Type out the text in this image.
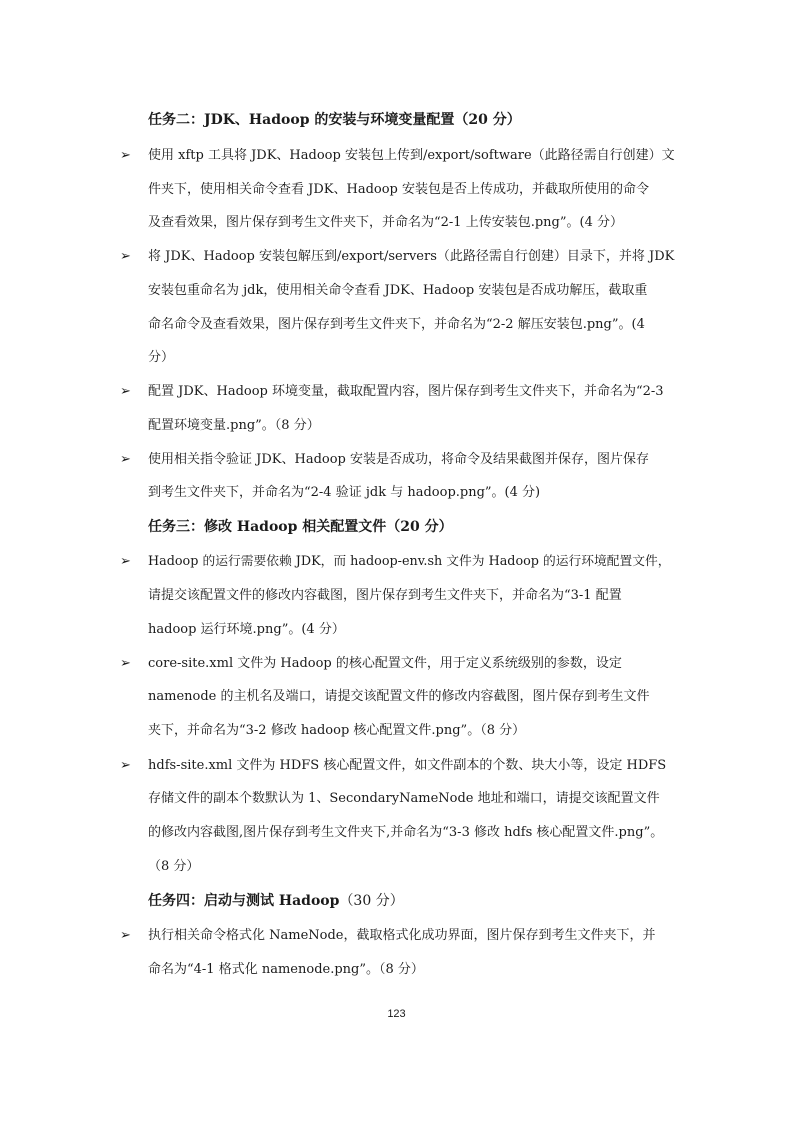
任务二：JDK、Hadoop 的安装与环境变量配置（20 分）
➢ 使用 xftp 工具将 JDK、Hadoop 安装包上传到/export/software（此路径需自行创建）文
件夹下，使用相关命令查看 JDK、Hadoop 安装包是否上传成功，并截取所使用的命令
及查看效果，图片保存到考生文件夹下，并命名为“2-1 上传安装包.png”。(4 分）
➢ 将 JDK、Hadoop 安装包解压到/export/servers（此路径需自行创建）目录下，并将 JDK
安装包重命名为 jdk，使用相关命令查看 JDK、Hadoop 安装包是否成功解压，截取重
命名命令及查看效果，图片保存到考生文件夹下，并命名为“2-2 解压安装包.png”。(4
分）
➢ 配置 JDK、Hadoop 环境变量，截取配置内容，图片保存到考生文件夹下，并命名为“2-3
配置环境变量.png”。（8 分）
➢ 使用相关指令验证 JDK、Hadoop 安装是否成功，将命令及结果截图并保存，图片保存
到考生文件夹下，并命名为“2-4 验证 jdk 与 hadoop.png”。(4 分)
任务三：修改 Hadoop 相关配置文件（20 分）
➢ Hadoop 的运行需要依赖 JDK，而 hadoop-env.sh 文件为 Hadoop 的运行环境配置文件，
请提交该配置文件的修改内容截图，图片保存到考生文件夹下，并命名为“3-1 配置
hadoop 运行环境.png”。(4 分）
➢ core-site.xml 文件为 Hadoop 的核心配置文件，用于定义系统级别的参数，设定
namenode 的主机名及端口，请提交该配置文件的修改内容截图，图片保存到考生文件
夹下，并命名为“3-2 修改 hadoop 核心配置文件.png”。（8 分）
➢ hdfs-site.xml 文件为 HDFS 核心配置文件，如文件副本的个数、块大小等，设定 HDFS
存储文件的副本个数默认为 1、SecondaryNameNode 地址和端口，请提交该配置文件
的修改内容截图,图片保存到考生文件夹下,并命名为“3-3 修改 hdfs 核心配置文件.png”。
（8 分）
任务四：启动与测试 Hadoop（30 分）
➢ 执行相关命令格式化 NameNode，截取格式化成功界面，图片保存到考生文件夹下，并
命名为“4-1 格式化 namenode.png”。（8 分）
123
